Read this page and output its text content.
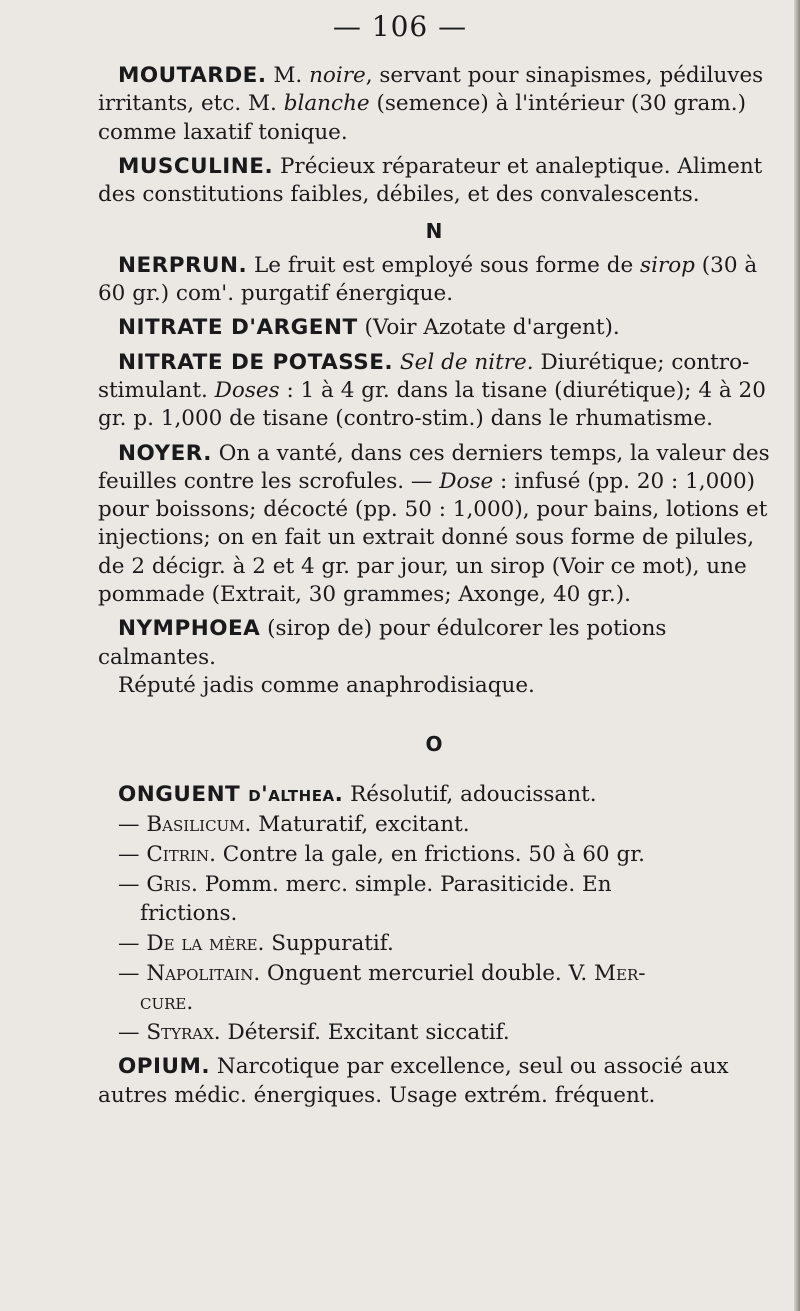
— 106 —

MOUTARDE. M. noire, servant pour sinapismes, pédiluves irritants, etc. M. blanche (semence) à l'intérieur (30 gram.) comme laxatif tonique.

MUSCULINE. Précieux réparateur et analeptique. Aliment des constitutions faibles, débiles, et des convalescents.

N

NERPRUN. Le fruit est employé sous forme de sirop (30 à 60 gr.) com'. purgatif énergique.

NITRATE D'ARGENT (Voir Azotate d'argent).

NITRATE DE POTASSE. Sel de nitre. Diurétique; contro-stimulant. Doses : 1 à 4 gr. dans la tisane (diurétique); 4 à 20 gr. p. 1,000 de tisane (contro-stim.) dans le rhumatisme.

NOYER. On a vanté, dans ces derniers temps, la valeur des feuilles contre les scrofules. — Dose : infusé (pp. 20 : 1,000) pour boissons; décocté (pp. 50 : 1,000), pour bains, lotions et injections; on en fait un extrait donné sous forme de pilules, de 2 décigr. à 2 et 4 gr. par jour, un sirop (Voir ce mot), une pommade (Extrait, 30 grammes; Axonge, 40 gr.).

NYMPHOEA (sirop de) pour édulcorer les potions calmantes.

Réputé jadis comme anaphrodisiaque.

O

ONGUENT d'althea. Résolutif, adoucissant.

— Basilicum. Maturatif, excitant.

— Citrin. Contre la gale, en frictions. 50 à 60 gr.

— Gris. Pomm. merc. simple. Parasiticide. En
frictions.

— De la mère. Suppuratif.

— Napolitain. Onguent mercuriel double. V. Mer-
cure.

— Styrax. Détersif. Excitant siccatif.

OPIUM. Narcotique par excellence, seul ou associé aux autres médic. énergiques. Usage extrém. fréquent.
